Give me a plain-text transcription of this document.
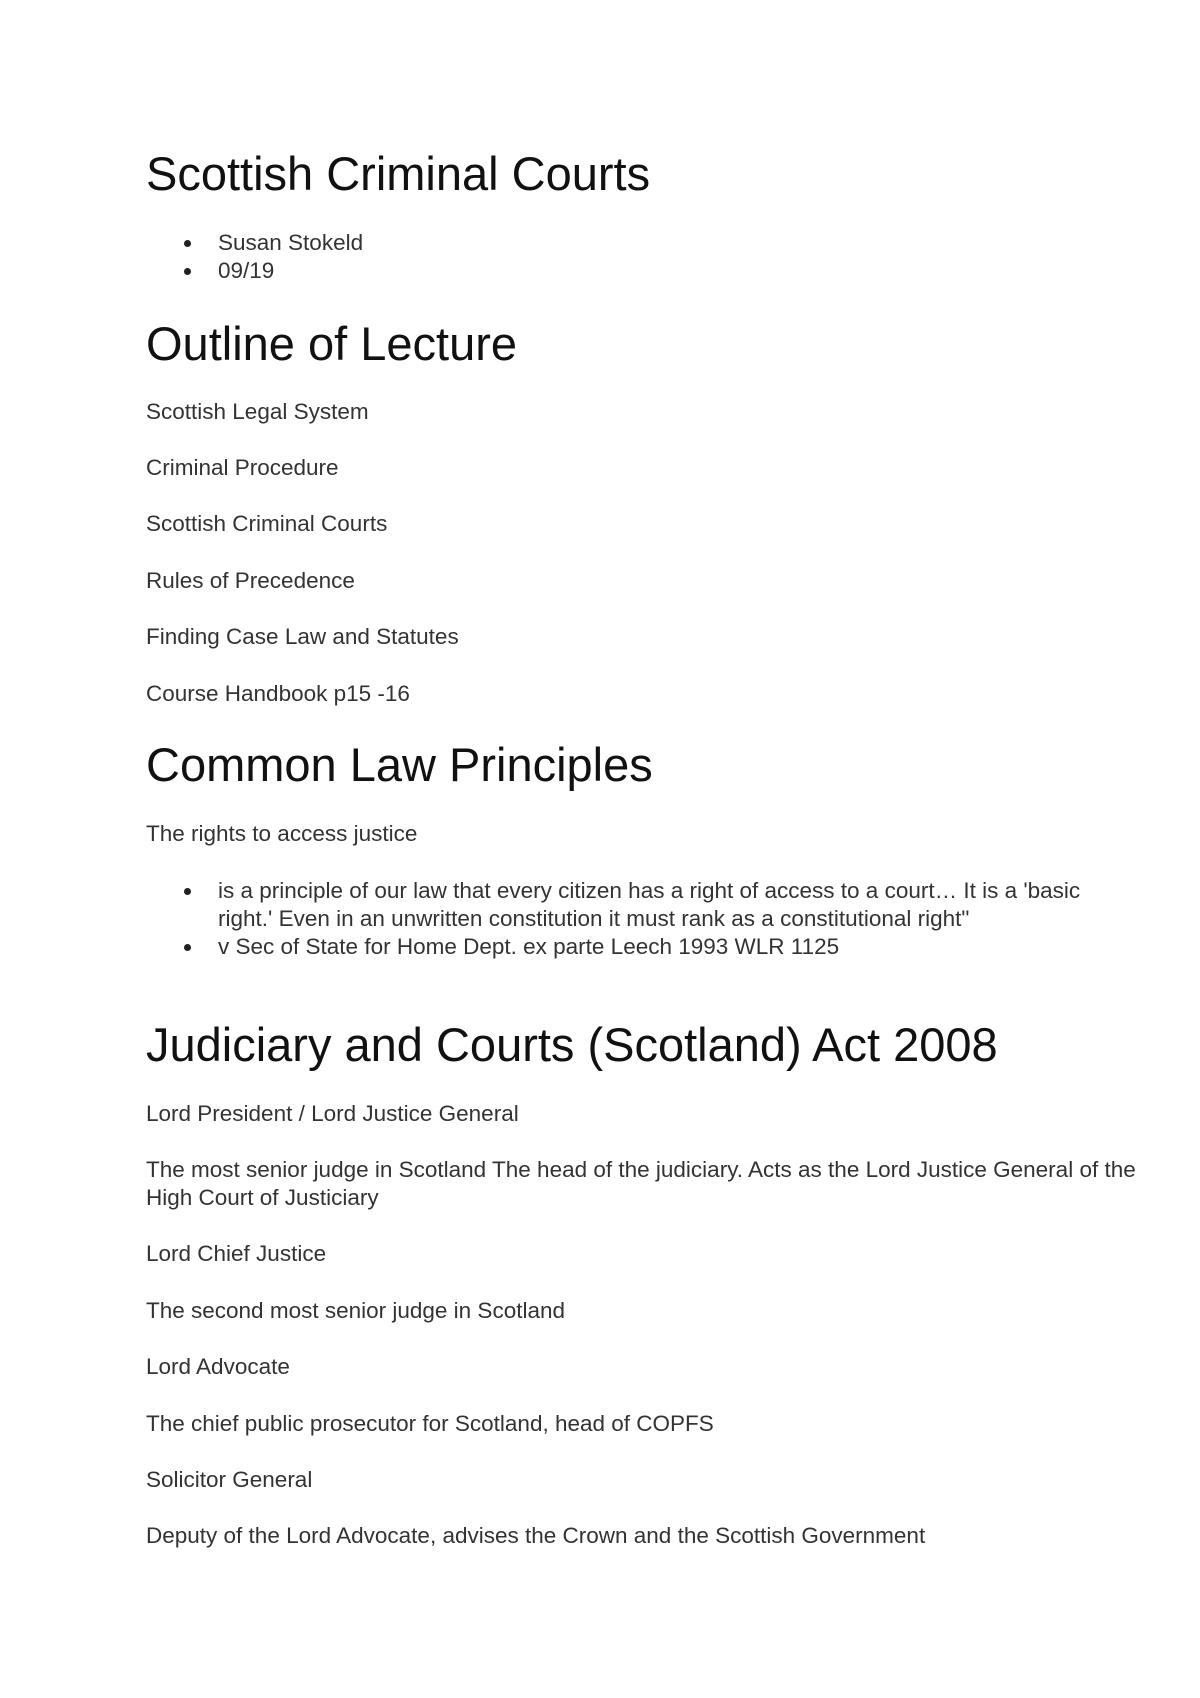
Scottish Criminal Courts
Susan Stokeld
09/19
Outline of Lecture

Scottish Legal System

Criminal Procedure

Scottish Criminal Courts

Rules of Precedence

Finding Case Law and Statutes

Course Handbook p15 -16

Common Law Principles

The rights to access justice

is a principle of our law that every citizen has a right of access to a court… It is a 'basic right.' Even in an unwritten constitution it must rank as a constitutional right"
v Sec of State for Home Dept. ex parte Leech 1993 WLR 1125
Judiciary and Courts (Scotland) Act 2008

Lord President / Lord Justice General

The most senior judge in Scotland The head of the judiciary. Acts as the Lord Justice General of the High Court of Justiciary

Lord Chief Justice

The second most senior judge in Scotland

Lord Advocate

The chief public prosecutor for Scotland, head of COPFS

Solicitor General

Deputy of the Lord Advocate, advises the Crown and the Scottish Government
